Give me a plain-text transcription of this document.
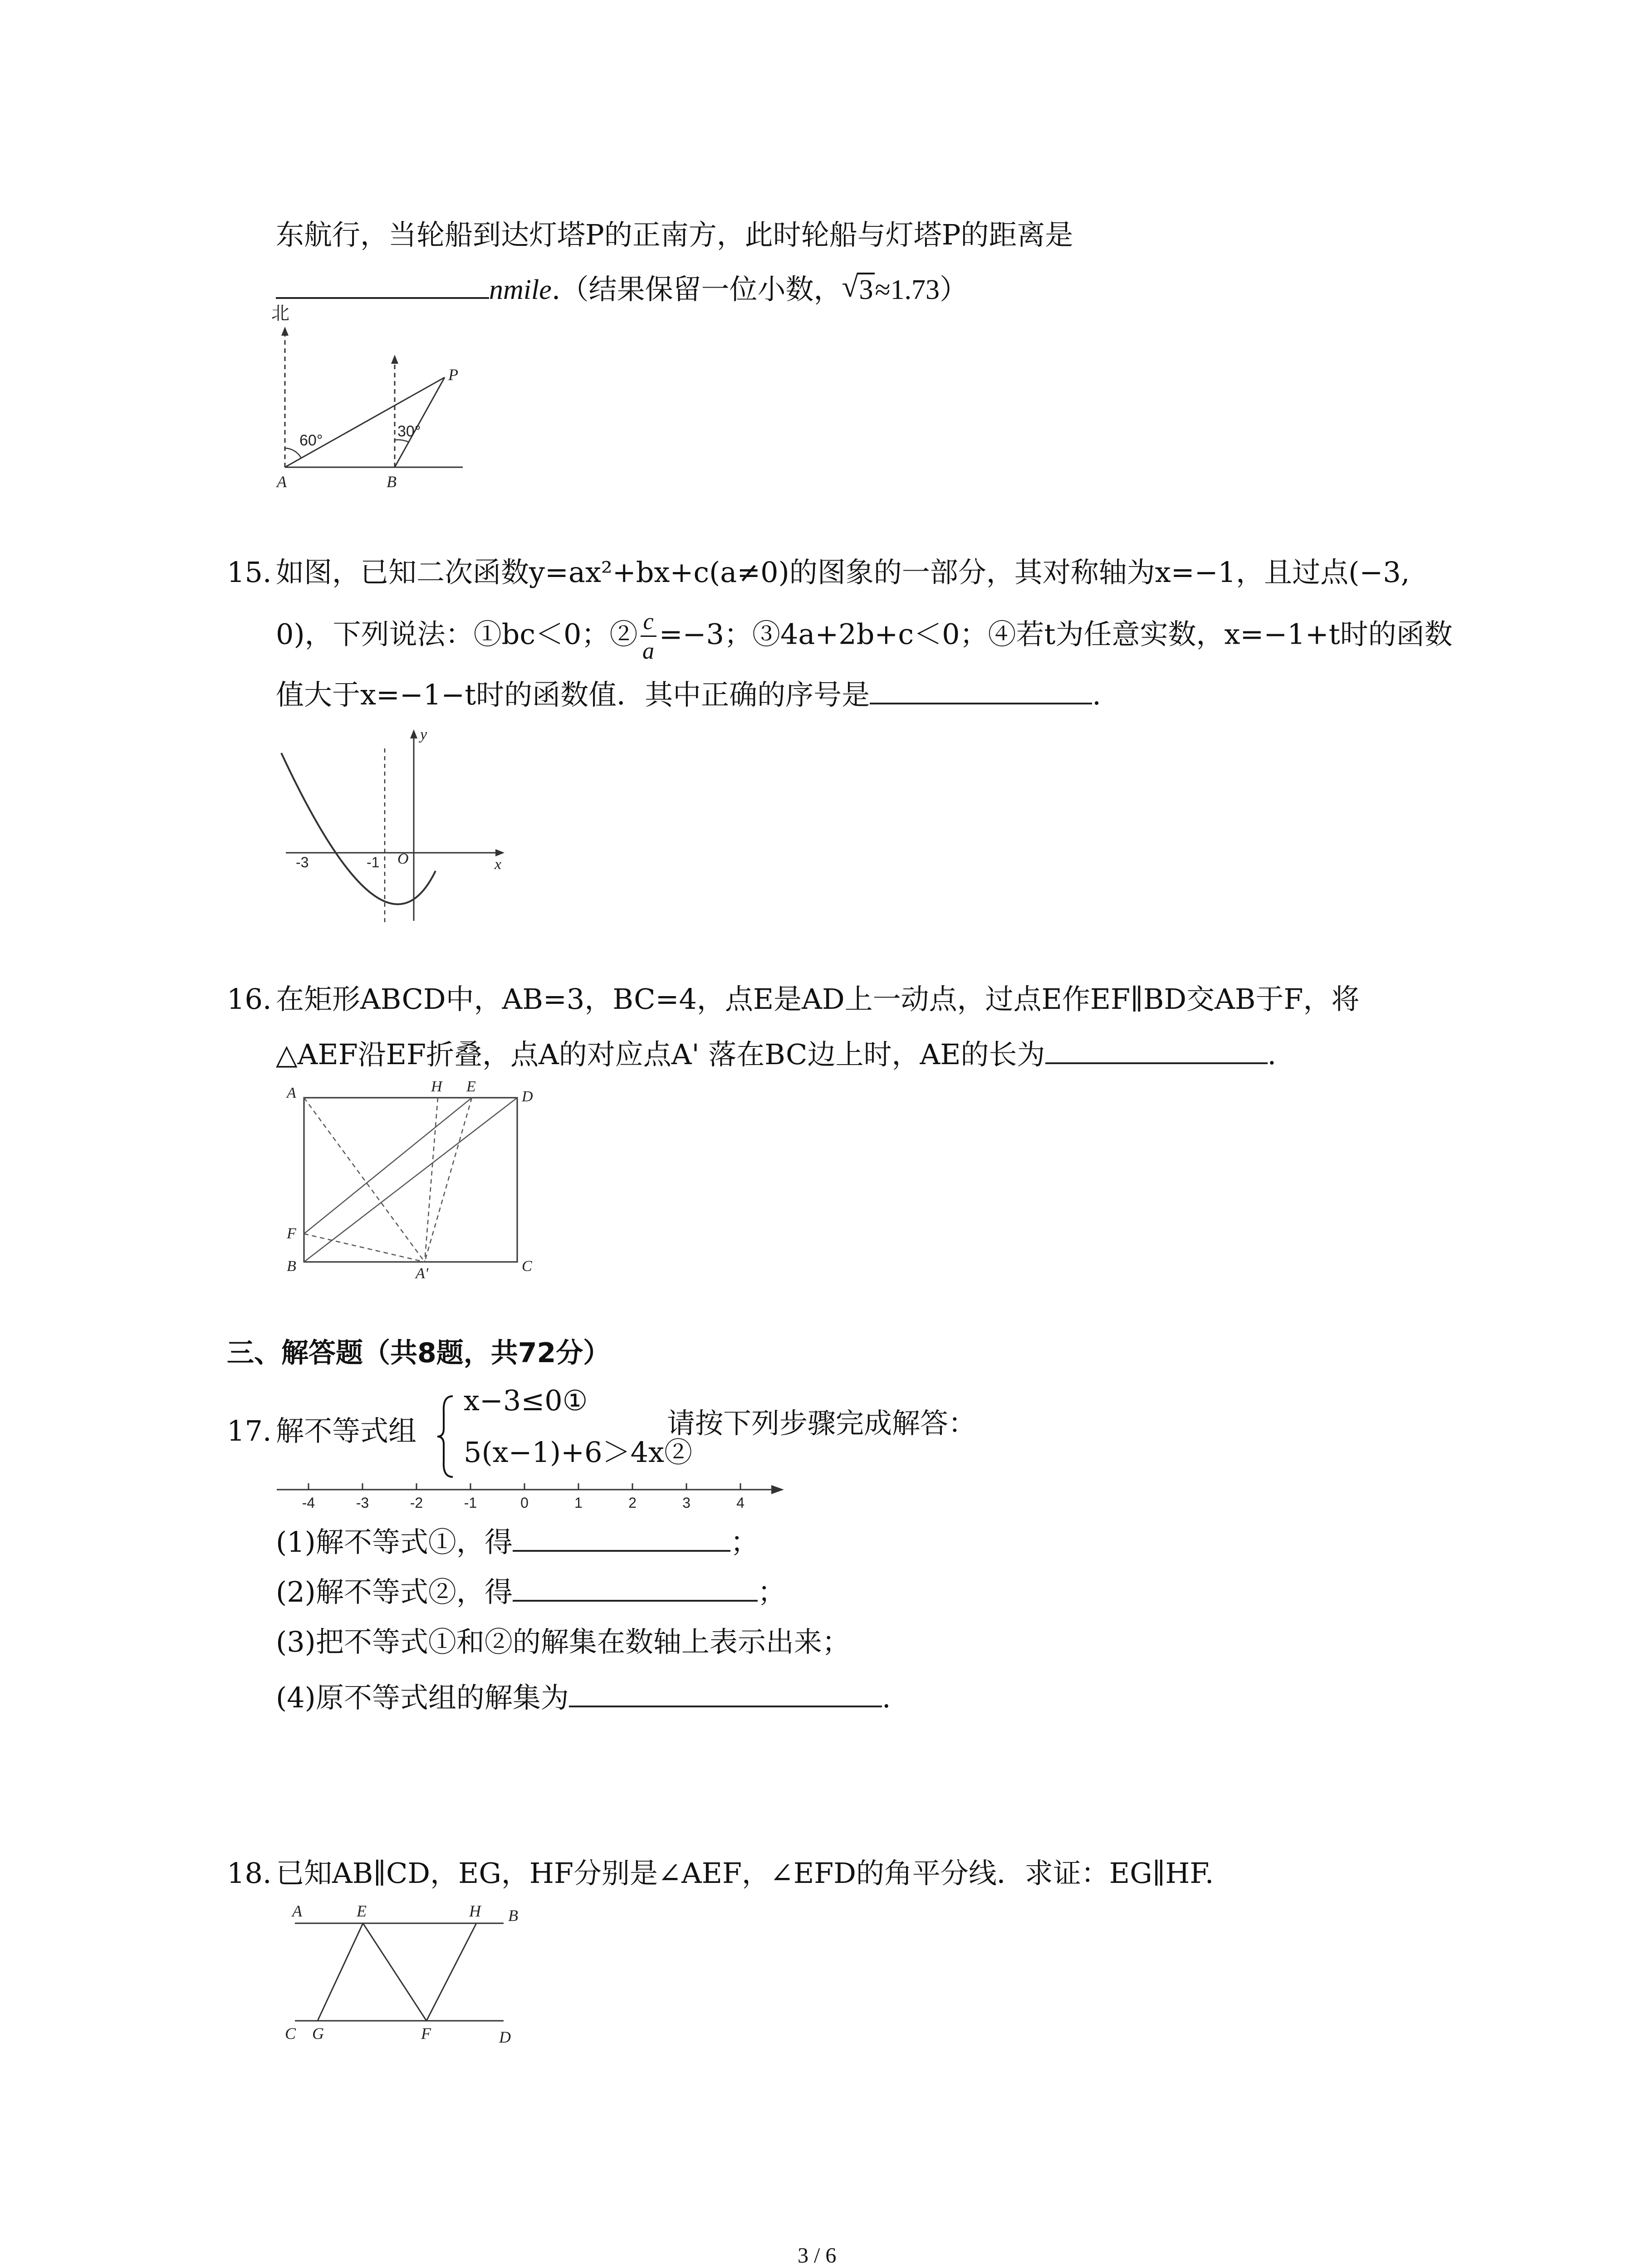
东航行，当轮船到达灯塔P的正南方，此时轮船与灯塔P的距离是
nmile.（结果保留一位小数，√ 3≈1.73）
北
60°
30°
P
A	B
15. 如图，已知二次函数y=ax²+bx+c(a≠0)的图象的一部分，其对称轴为x=−1，且过点(−3,
0)，下列说法：①bc＜0；② $\frac{c}{a} =-3$；③4a+2b+c＜0；④若t为任意实数，x=−1+t时的函数
值大于x=−1−t时的函数值．其中正确的序号是	.
y
x
O
-3	-1
16. 在矩形ABCD中，AB=3，BC=4，点E是AD上一动点，过点E作EF∥BD交AB于F，将
△AEF沿EF折叠，点A的对应点A' 落在BC边上时，AE的长为	.
A	H E
D
F
B	A'	C
三、解答题（共8题，共72分）
17. 解不等式组
x−3≤0①
5(x−1)+6＞4x②
请按下列步骤完成解答：
-4	-3	-2	-1	0	1	2	3	4
(1)解不等式①，得	；
(2)解不等式②，得	；
(3)把不等式①和②的解集在数轴上表示出来；
(4)原不等式组的解集为	.
18. 已知AB∥CD，EG，HF分别是∠AEF，∠EFD的角平分线．求证：EG∥HF.
A	E	H B
C G	F	D
3 / 6
